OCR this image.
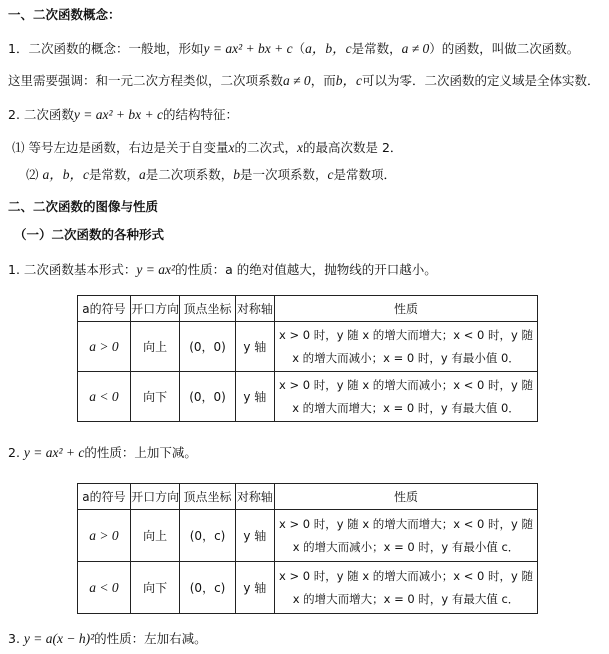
一、二次函数概念：
1．二次函数的概念：一般地，形如y = ax² + bx + c（a，b，c是常数，a ≠ 0）的函数，叫做二次函数。
这里需要强调：和一元二次方程类似，二次项系数a ≠ 0，而b，c可以为零．二次函数的定义域是全体实数．
2. 二次函数y = ax² + bx + c的结构特征：
⑴ 等号左边是函数，右边是关于自变量x的二次式，x的最高次数是 2．
⑵ a，b，c是常数，a是二次项系数，b是一次项系数，c是常数项．
二、二次函数的图像与性质
（一）二次函数的各种形式
1. 二次函数基本形式：y = ax²的性质：a 的绝对值越大，抛物线的开口越小。
a的符号	开口方向	顶点坐标	对称轴	性质
a > 0	向上	(0，0)	y 轴	x > 0 时，y 随 x 的增大而增大；x < 0 时，y 随
x 的增大而减小；x = 0 时，y 有最小值 0．

a < 0	向下	(0，0)	y 轴	x > 0 时，y 随 x 的增大而减小；x < 0 时，y 随
x 的增大而增大；x = 0 时，y 有最大值 0．
2. y = ax² + c的性质：上加下减。
a的符号	开口方向	顶点坐标	对称轴	性质
a > 0	向上	(0，c)	y 轴	x > 0 时，y 随 x 的增大而增大；x < 0 时，y 随
x 的增大而减小；x = 0 时，y 有最小值 c．

a < 0	向下	(0，c)	y 轴	x > 0 时，y 随 x 的增大而减小；x < 0 时，y 随
x 的增大而增大；x = 0 时，y 有最大值 c．
3. y = a(x − h)²的性质：左加右减。
